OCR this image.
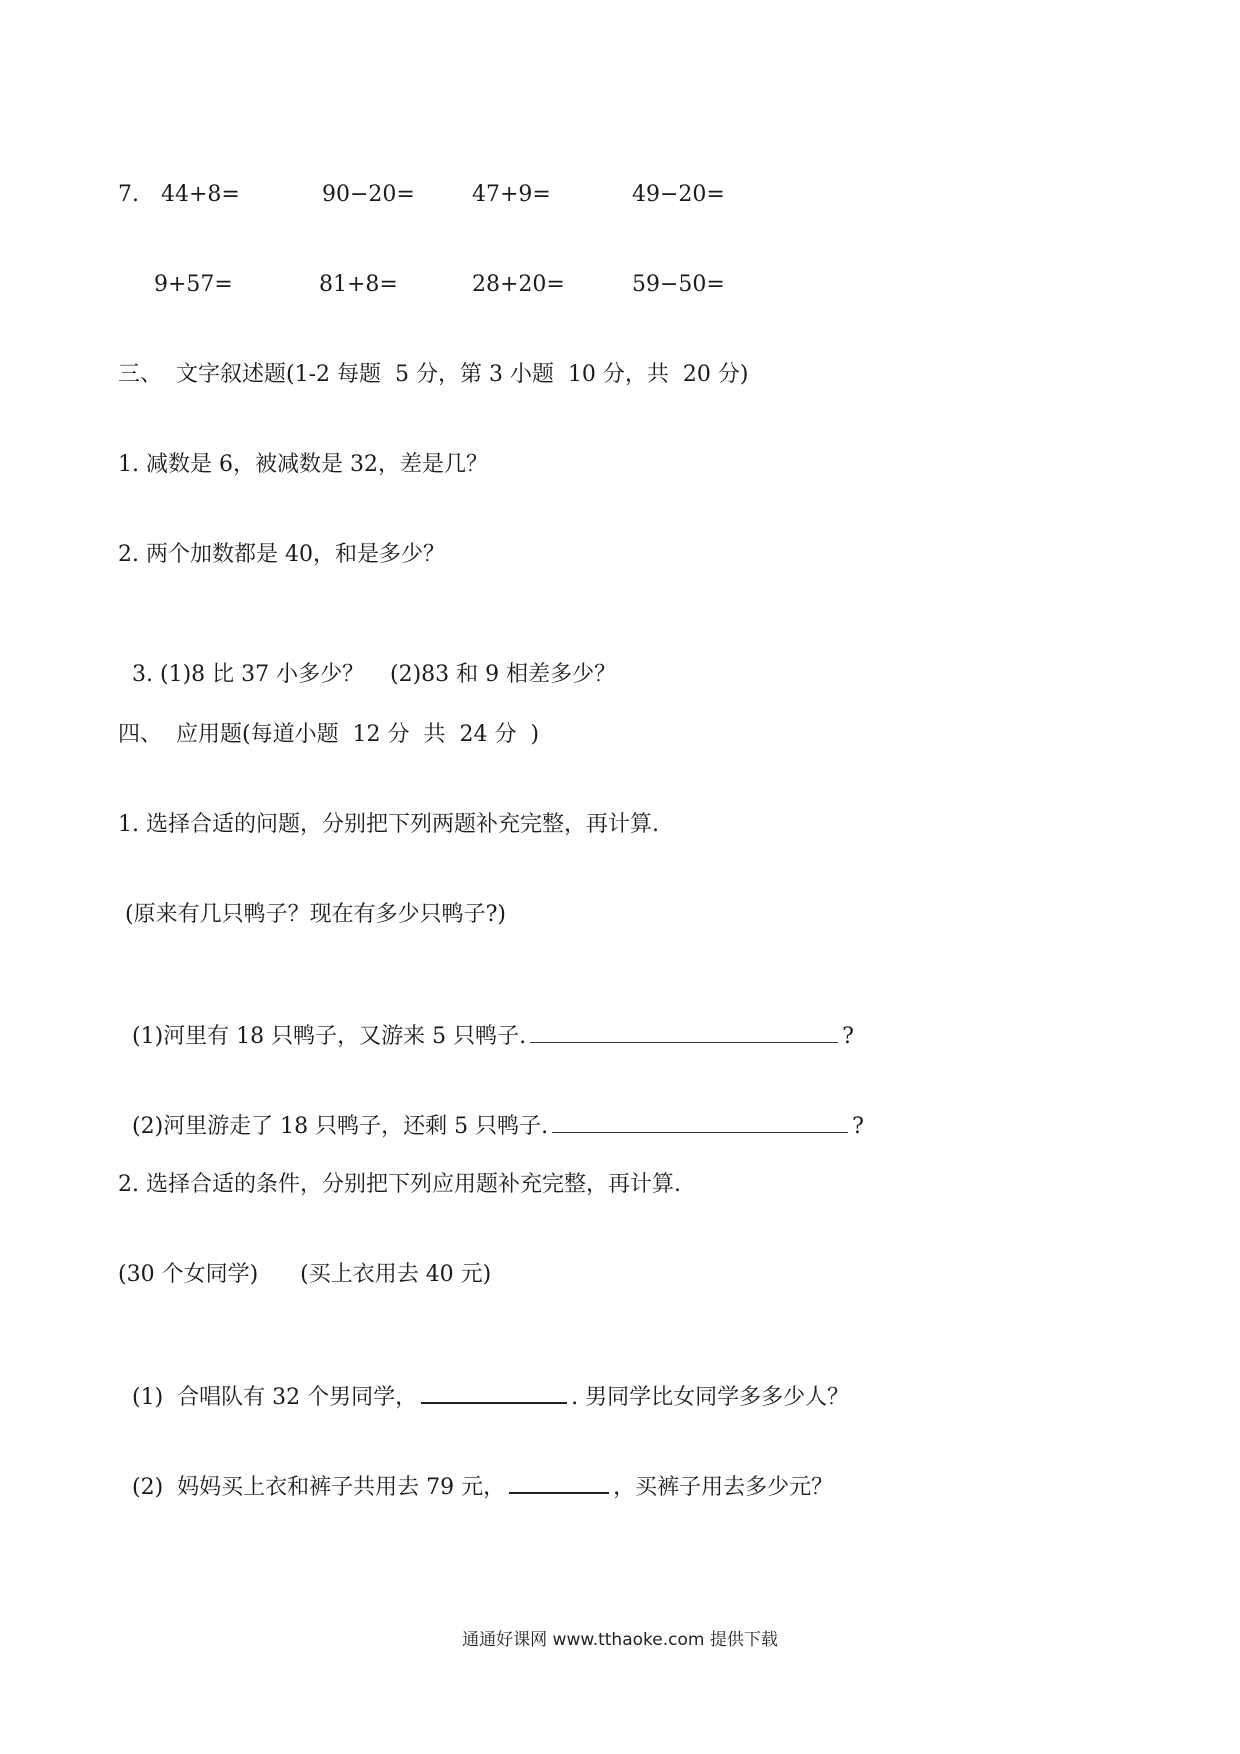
7. 44+8=	90−20=	47+9=	49−20=
9+57=	81+8=	28+20=	59−50=
三、  文字叙述题(1-2 每题  5 分，第 3 小题  10 分，共  20 分)
1. 减数是 6，被减数是 32，差是几？
2. 两个加数都是 40，和是多少？

3. (1)8 比 37 小多少？ (2)83 和 9 相差多少？

四、  应用题(每道小题  12 分  共  24 分  )
1. 选择合适的问题，分别把下列两题补充完整，再计算.
(原来有几只鸭子？现在有多少只鸭子?)

(1)河里有 18 只鸭子，又游来 5 只鸭子.	?

(2)河里游走了 18 只鸭子，还剩 5 只鸭子.	?

2. 选择合适的条件，分别把下列应用题补充完整，再计算.
(30 个女同学)      (买上衣用去 40 元)

(1)  合唱队有 32 个男同学，	. 男同学比女同学多多少人？

(2)  妈妈买上衣和裤子共用去 79 元，	，买裤子用去多少元？

通通好课网 www.tthaoke.com 提供下载
